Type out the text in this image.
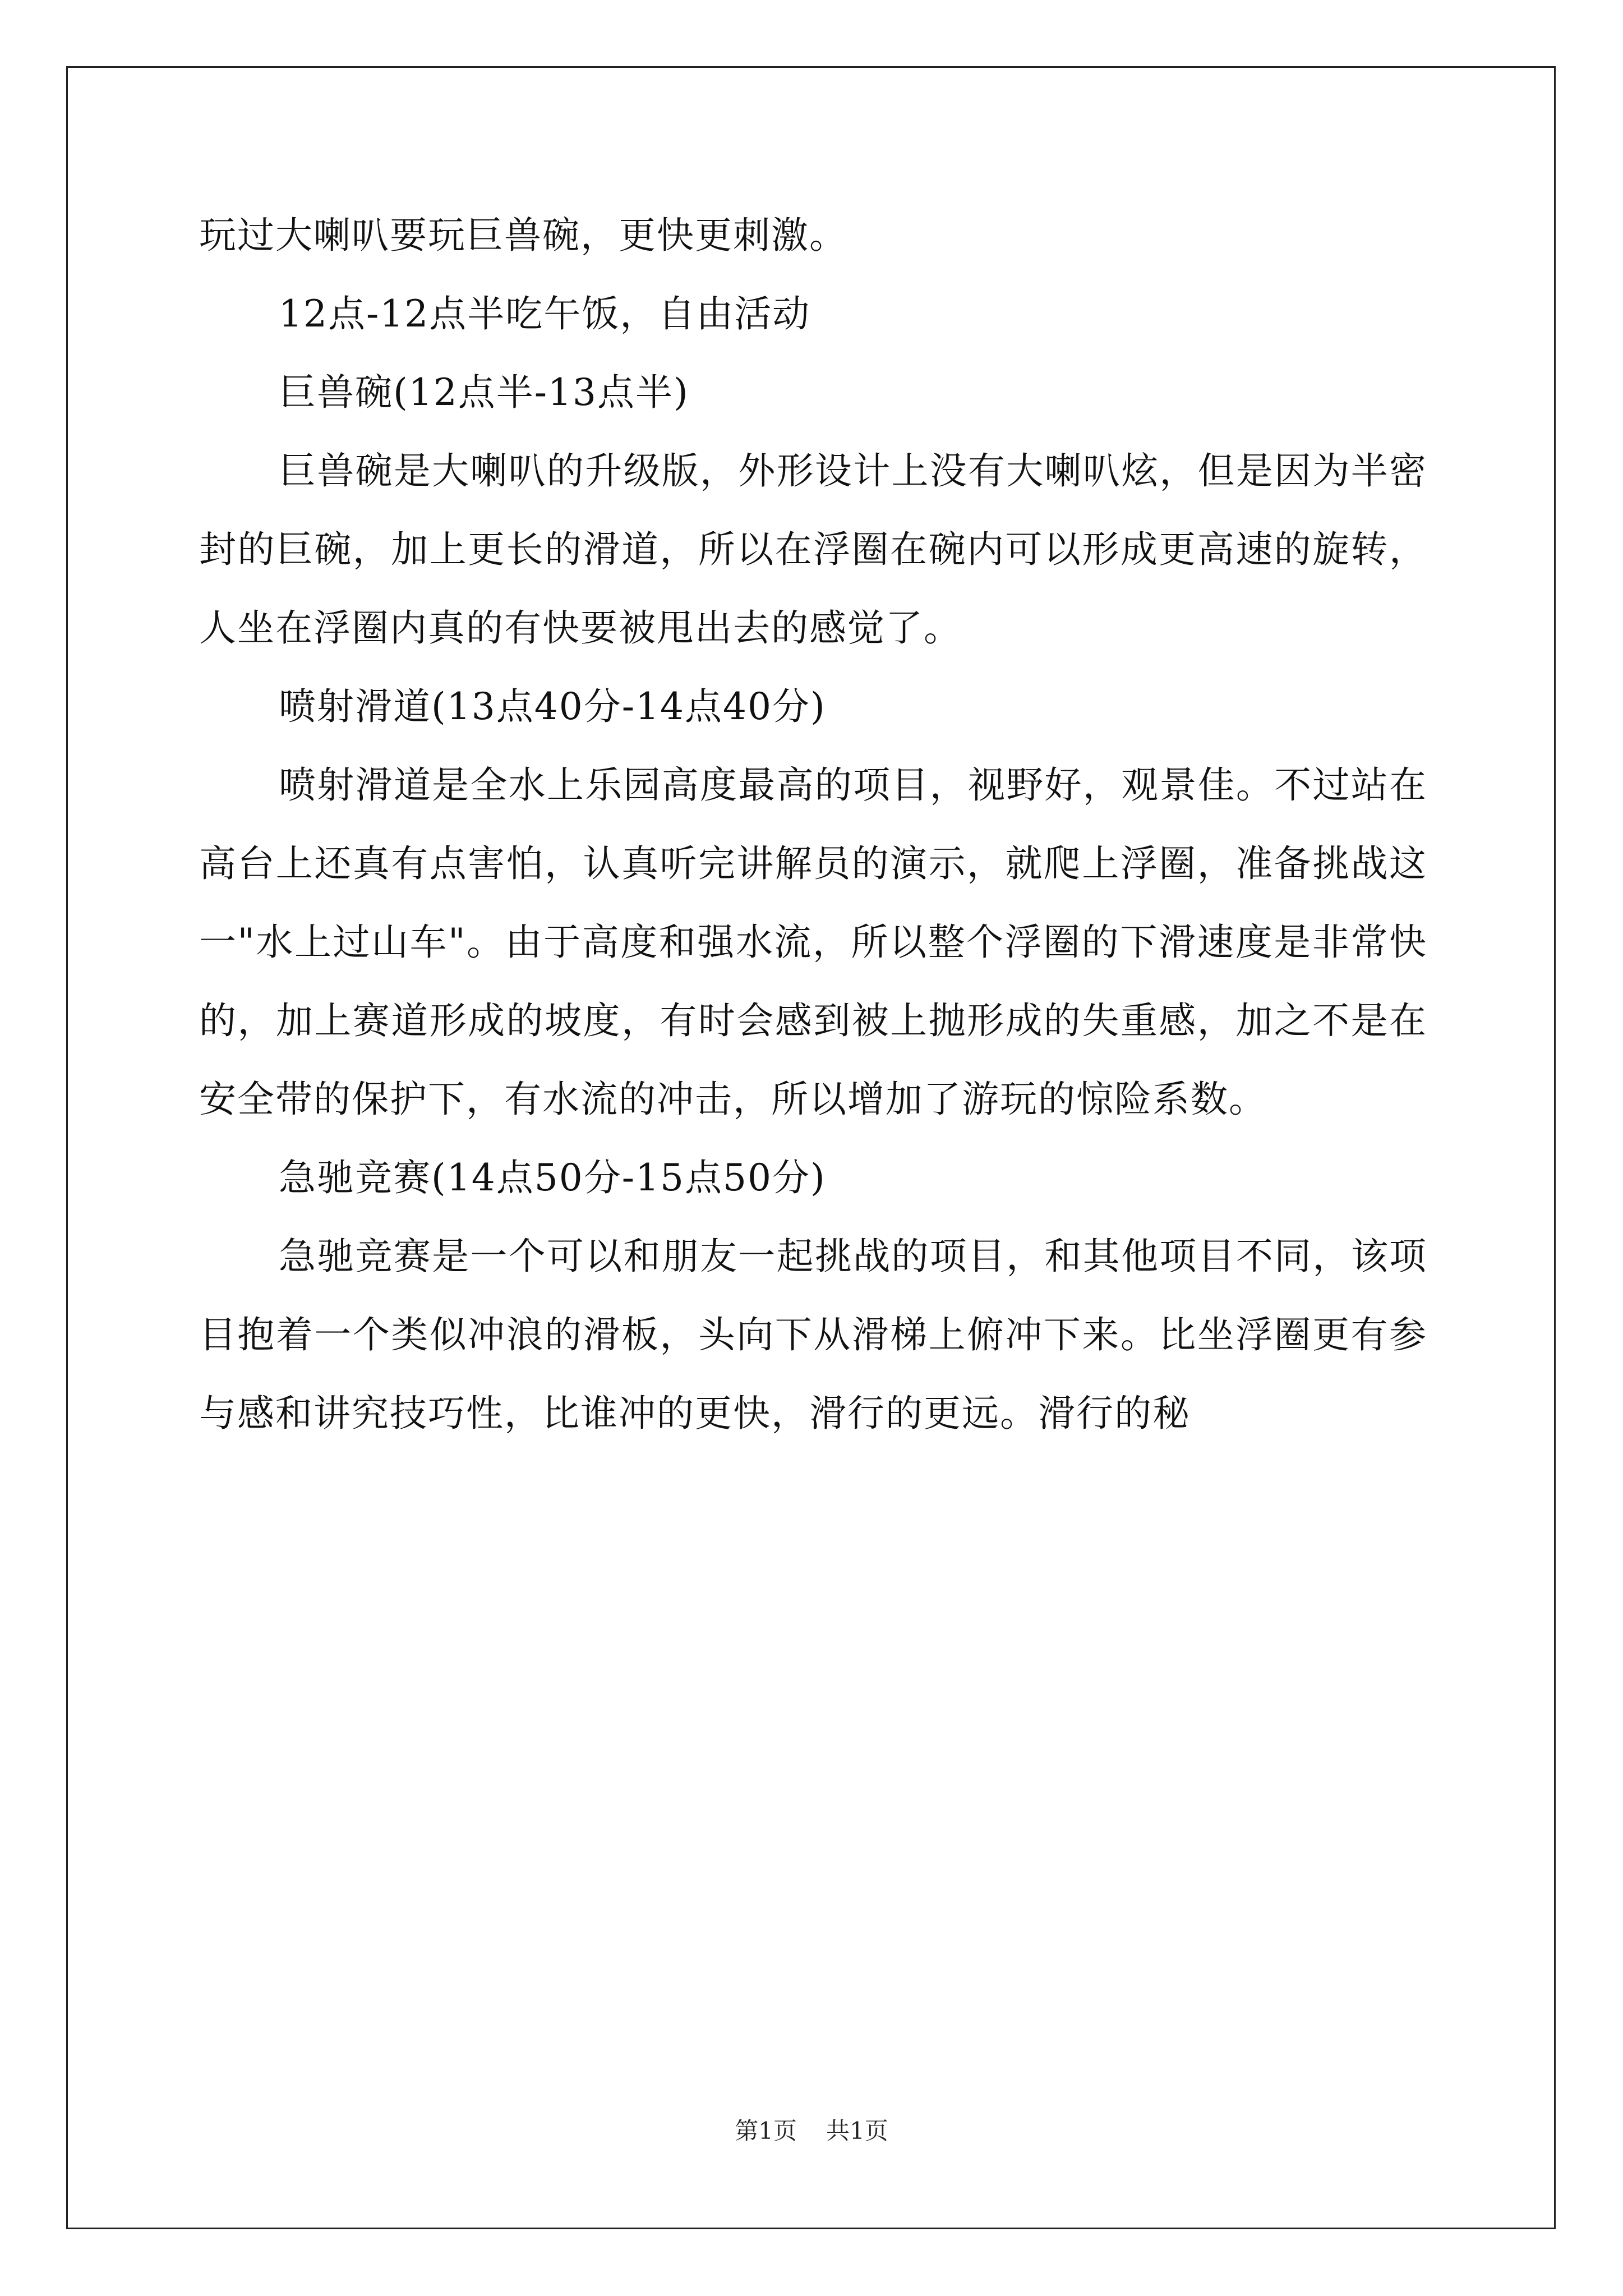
玩过大喇叭要玩巨兽碗，更快更刺激。

12点-12点半吃午饭，自由活动

巨兽碗(12点半-13点半)

巨兽碗是大喇叭的升级版，外形设计上没有大喇叭炫，但是因为半密封的巨碗，加上更长的滑道，所以在浮圈在碗内可以形成更高速的旋转，人坐在浮圈内真的有快要被甩出去的感觉了。

喷射滑道(13点40分-14点40分)

喷射滑道是全水上乐园高度最高的项目，视野好，观景佳。不过站在高台上还真有点害怕，认真听完讲解员的演示，就爬上浮圈，准备挑战这一"水上过山车"。由于高度和强水流，所以整个浮圈的下滑速度是非常快的，加上赛道形成的坡度，有时会感到被上抛形成的失重感，加之不是在安全带的保护下，有水流的冲击，所以增加了游玩的惊险系数。

急驰竞赛(14点50分-15点50分)

急驰竞赛是一个可以和朋友一起挑战的项目，和其他项目不同，该项目抱着一个类似冲浪的滑板，头向下从滑梯上俯冲下来。比坐浮圈更有参与感和讲究技巧性，比谁冲的更快，滑行的更远。滑行的秘

第1页 共1页
